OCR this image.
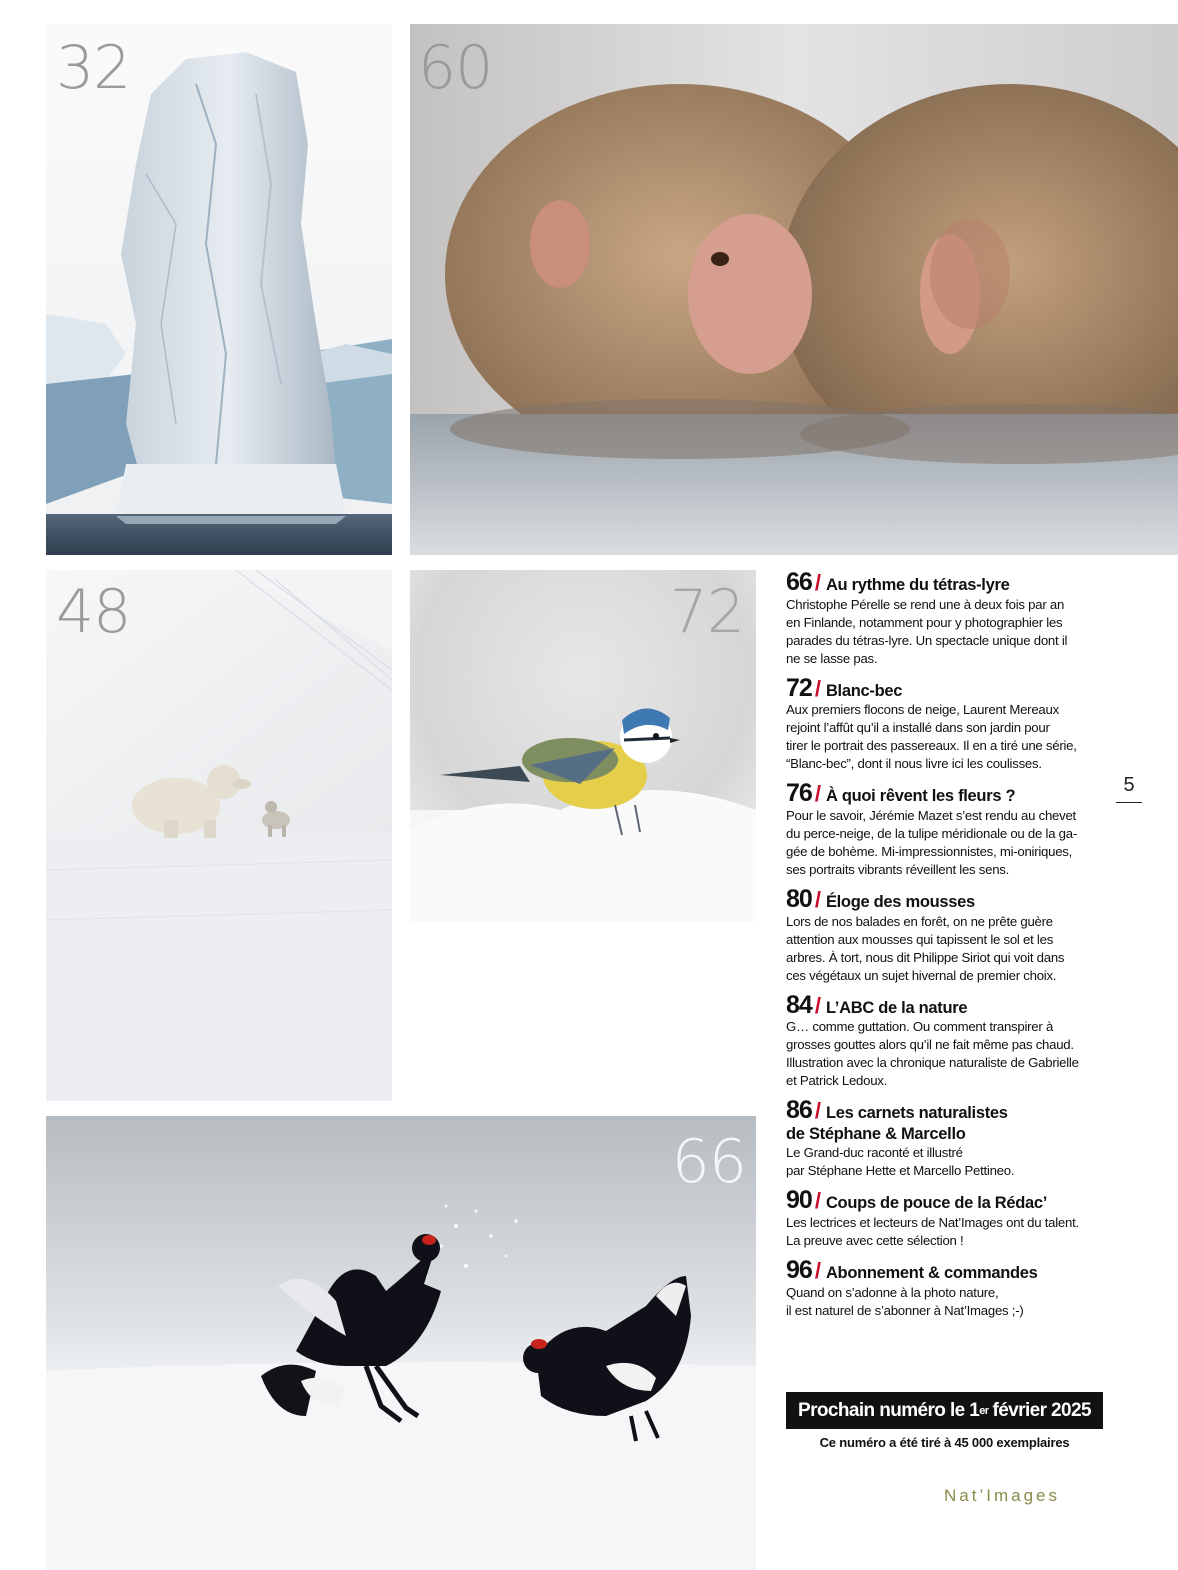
32	60
48	72
66
66 / Au rythme du tétras-lyre
Christophe Pérelle se rend une à deux fois par an
en Finlande, notamment pour y photographier les
parades du tétras-lyre. Un spectacle unique dont il
ne se lasse pas.
72 / Blanc-bec
Aux premiers flocons de neige, Laurent Mereaux
rejoint l’affût qu’il a installé dans son jardin pour
tirer le portrait des passereaux. Il en a tiré une série,
“Blanc-bec”, dont il nous livre ici les coulisses.
76 / À quoi rêvent les fleurs ?
Pour le savoir, Jérémie Mazet s’est rendu au chevet
du perce-neige, de la tulipe méridionale ou de la ga-
gée de bohème. Mi-impressionnistes, mi-oniriques,
ses portraits vibrants réveillent les sens.
80 / Éloge des mousses
Lors de nos balades en forêt, on ne prête guère
attention aux mousses qui tapissent le sol et les
arbres. À tort, nous dit Philippe Siriot qui voit dans
ces végétaux un sujet hivernal de premier choix.
84 / L’ABC de la nature
G… comme guttation. Ou comment transpirer à
grosses gouttes alors qu’il ne fait même pas chaud.
Illustration avec la chronique naturaliste de Gabrielle
et Patrick Ledoux.
86 / Les carnets naturalistes
de Stéphane & Marcello
Le Grand-duc raconté et illustré
par Stéphane Hette et Marcello Pettineo.
90 / Coups de pouce de la Rédac’
Les lectrices et lecteurs de Nat’Images ont du talent.
La preuve avec cette sélection !
96 / Abonnement & commandes
Quand on s’adonne à la photo nature,
il est naturel de s’abonner à Nat’Images ;-)
Prochain numéro le 1 er février 2025
Ce numéro a été tiré à 45 000 exemplaires
Nat’Images
5
